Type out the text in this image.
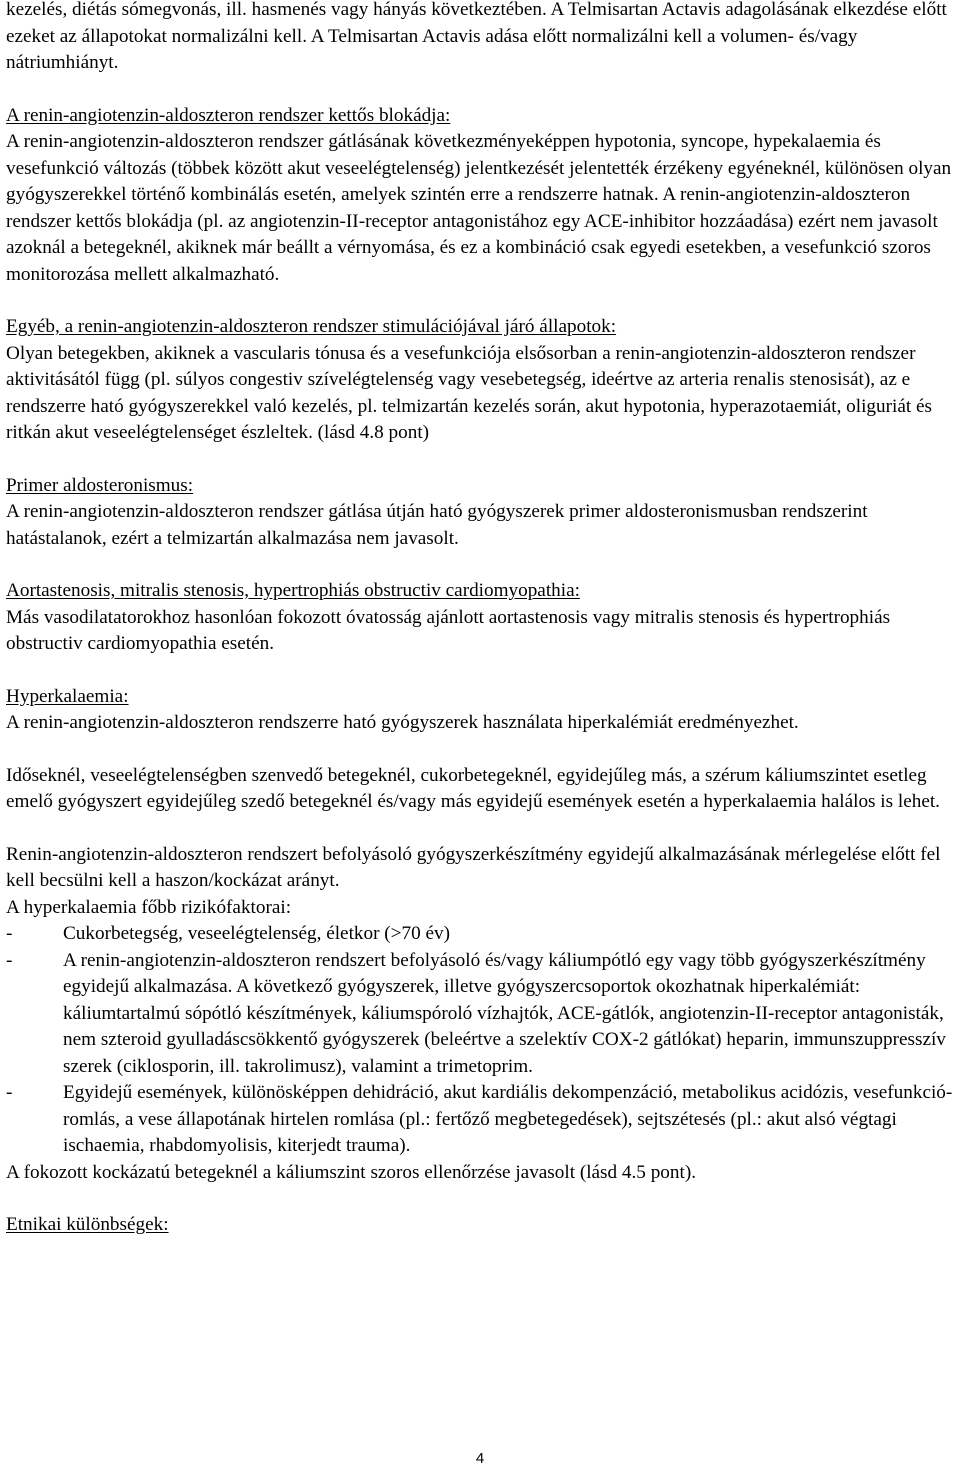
kezelés, diétás sómegvonás, ill. hasmenés vagy hányás következtében. A Telmisartan Actavis adagolásának elkezdése előtt ezeket az állapotokat normalizálni kell. A Telmisartan Actavis adása előtt normalizálni kell a volumen- és/vagy nátriumhiányt.

A renin-angiotenzin-aldoszteron rendszer kettős blokádja:

A renin-angiotenzin-aldoszteron rendszer gátlásának következményeképpen hypotonia, syncope, hypekalaemia és vesefunkció változás (többek között akut veseelégtelenség) jelentkezését jelentették érzékeny egyéneknél, különösen olyan gyógyszerekkel történő kombinálás esetén, amelyek szintén erre a rendszerre hatnak. A renin-angiotenzin-aldoszteron rendszer kettős blokádja (pl. az angiotenzin-II-receptor antagonistához egy ACE-inhibitor hozzáadása) ezért nem javasolt azoknál a betegeknél, akiknek már beállt a vérnyomása, és ez a kombináció csak egyedi esetekben, a vesefunkció szoros monitorozása mellett alkalmazható.

Egyéb, a renin-angiotenzin-aldoszteron rendszer stimulációjával járó állapotok:

Olyan betegekben, akiknek a vascularis tónusa és a vesefunkciója elsősorban a renin-angiotenzin-aldoszteron rendszer aktivitásától függ (pl. súlyos congestiv szívelégtelenség vagy vesebetegség, ideértve az arteria renalis stenosisát), az e rendszerre ható gyógyszerekkel való kezelés, pl. telmizartán kezelés során, akut hypotonia, hyperazotaemiát, oliguriát és ritkán akut veseelégtelenséget észleltek. (lásd 4.8 pont)

Primer aldosteronismus:

A renin-angiotenzin-aldoszteron rendszer gátlása útján ható gyógyszerek primer aldosteronismusban rendszerint hatástalanok, ezért a telmizartán alkalmazása nem javasolt.

Aortastenosis, mitralis stenosis, hypertrophiás obstructiv cardiomyopathia:

Más vasodilatatorokhoz hasonlóan fokozott óvatosság ajánlott aortastenosis vagy mitralis stenosis és hypertrophiás obstructiv cardiomyopathia esetén.

Hyperkalaemia:

A renin-angiotenzin-aldoszteron rendszerre ható gyógyszerek használata hiperkalémiát eredményezhet.

Időseknél, veseelégtelenségben szenvedő betegeknél, cukorbetegeknél, egyidejűleg más, a szérum káliumszintet esetleg emelő gyógyszert egyidejűleg szedő betegeknél és/vagy más egyidejű események esetén a hyperkalaemia halálos is lehet.

Renin-angiotenzin-aldoszteron rendszert befolyásoló gyógyszerkészítmény egyidejű alkalmazásának mérlegelése előtt fel kell becsülni kell a haszon/kockázat arányt.

A hyperkalaemia főbb rizikófaktorai:

-	Cukorbetegség, veseelégtelenség, életkor (>70 év)
-	A renin-angiotenzin-aldoszteron rendszert befolyásoló és/vagy káliumpótló egy vagy több gyógyszerkészítmény egyidejű alkalmazása. A következő gyógyszerek, illetve gyógyszercsoportok okozhatnak hiperkalémiát: káliumtartalmú sópótló készítmények, káliumspóroló vízhajtók, ACE-gátlók, angiotenzin-II-receptor antagonisták, nem szteroid gyulladáscsökkentő gyógyszerek (beleértve a szelektív COX-2 gátlókat) heparin, immunszuppresszív szerek (ciklosporin, ill. takrolimusz), valamint a trimetoprim.
-	Egyidejű események, különösképpen dehidráció, akut kardiális dekompenzáció, metabolikus acidózis, vesefunkció-romlás, a vese állapotának hirtelen romlása (pl.: fertőző megbetegedések), sejtszétesés (pl.: akut alsó végtagi ischaemia, rhabdomyolisis, kiterjedt trauma).

A fokozott kockázatú betegeknél a káliumszint szoros ellenőrzése javasolt (lásd 4.5 pont).

Etnikai különbségek:

4
